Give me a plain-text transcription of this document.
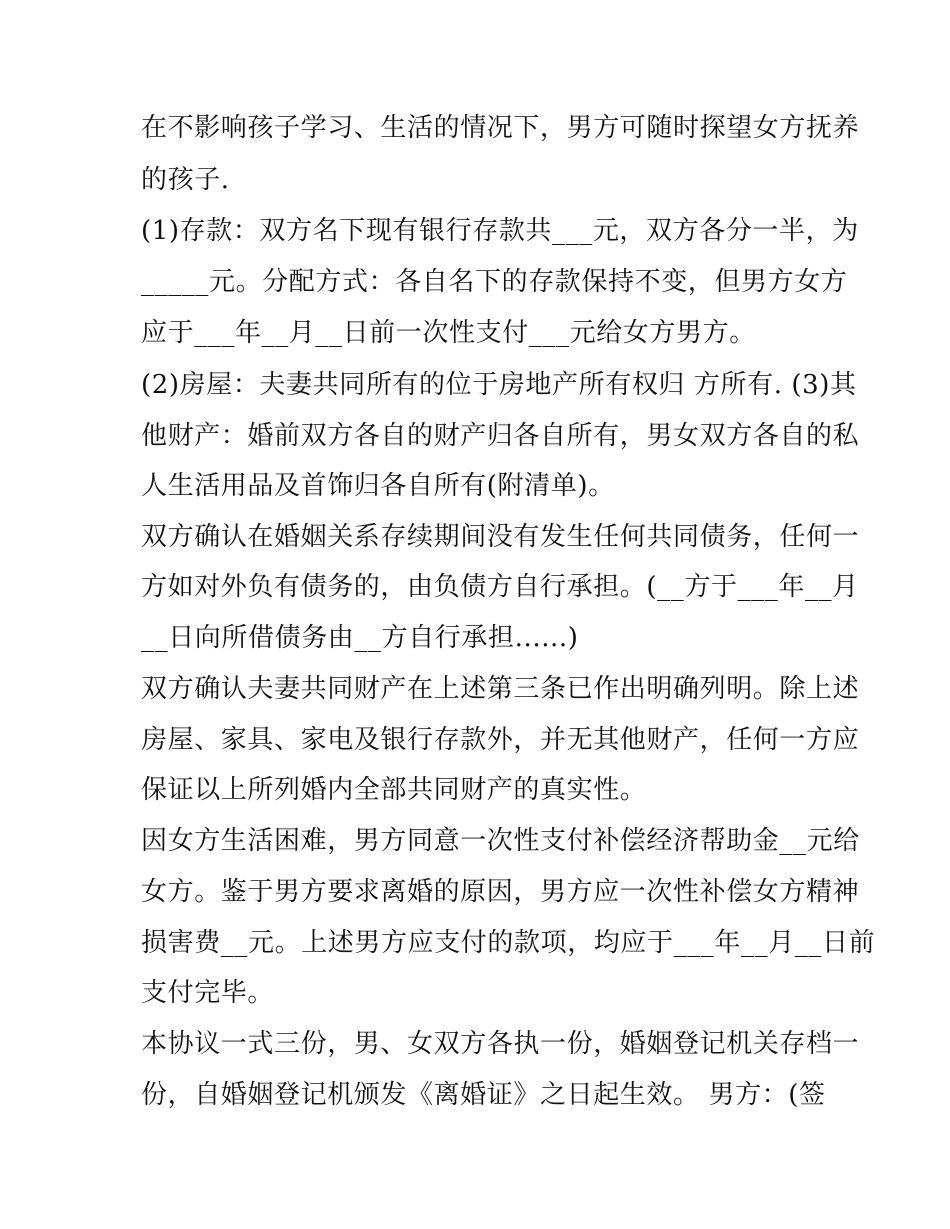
在不影响孩子学习、生活的情况下，男方可随时探望女方抚养
的孩子.
(1)存款：双方名下现有银行存款共___元，双方各分一半，为
_____元。分配方式：各自名下的存款保持不变，但男方女方
应于___年__月__日前一次性支付___元给女方男方。
(2)房屋：夫妻共同所有的位于房地产所有权归 方所有. (3)其
他财产：婚前双方各自的财产归各自所有，男女双方各自的私
人生活用品及首饰归各自所有(附清单)。
双方确认在婚姻关系存续期间没有发生任何共同债务，任何一
方如对外负有债务的，由负债方自行承担。(__方于___年__月
__日向所借债务由__方自行承担......)
双方确认夫妻共同财产在上述第三条已作出明确列明。除上述
房屋、家具、家电及银行存款外，并无其他财产，任何一方应
保证以上所列婚内全部共同财产的真实性。
因女方生活困难，男方同意一次性支付补偿经济帮助金__元给
女方。鉴于男方要求离婚的原因，男方应一次性补偿女方精神
损害费__元。上述男方应支付的款项，均应于___年__月__日前
支付完毕。
本协议一式三份，男、女双方各执一份，婚姻登记机关存档一
份，自婚姻登记机颁发《离婚证》之日起生效。 男方：(签
